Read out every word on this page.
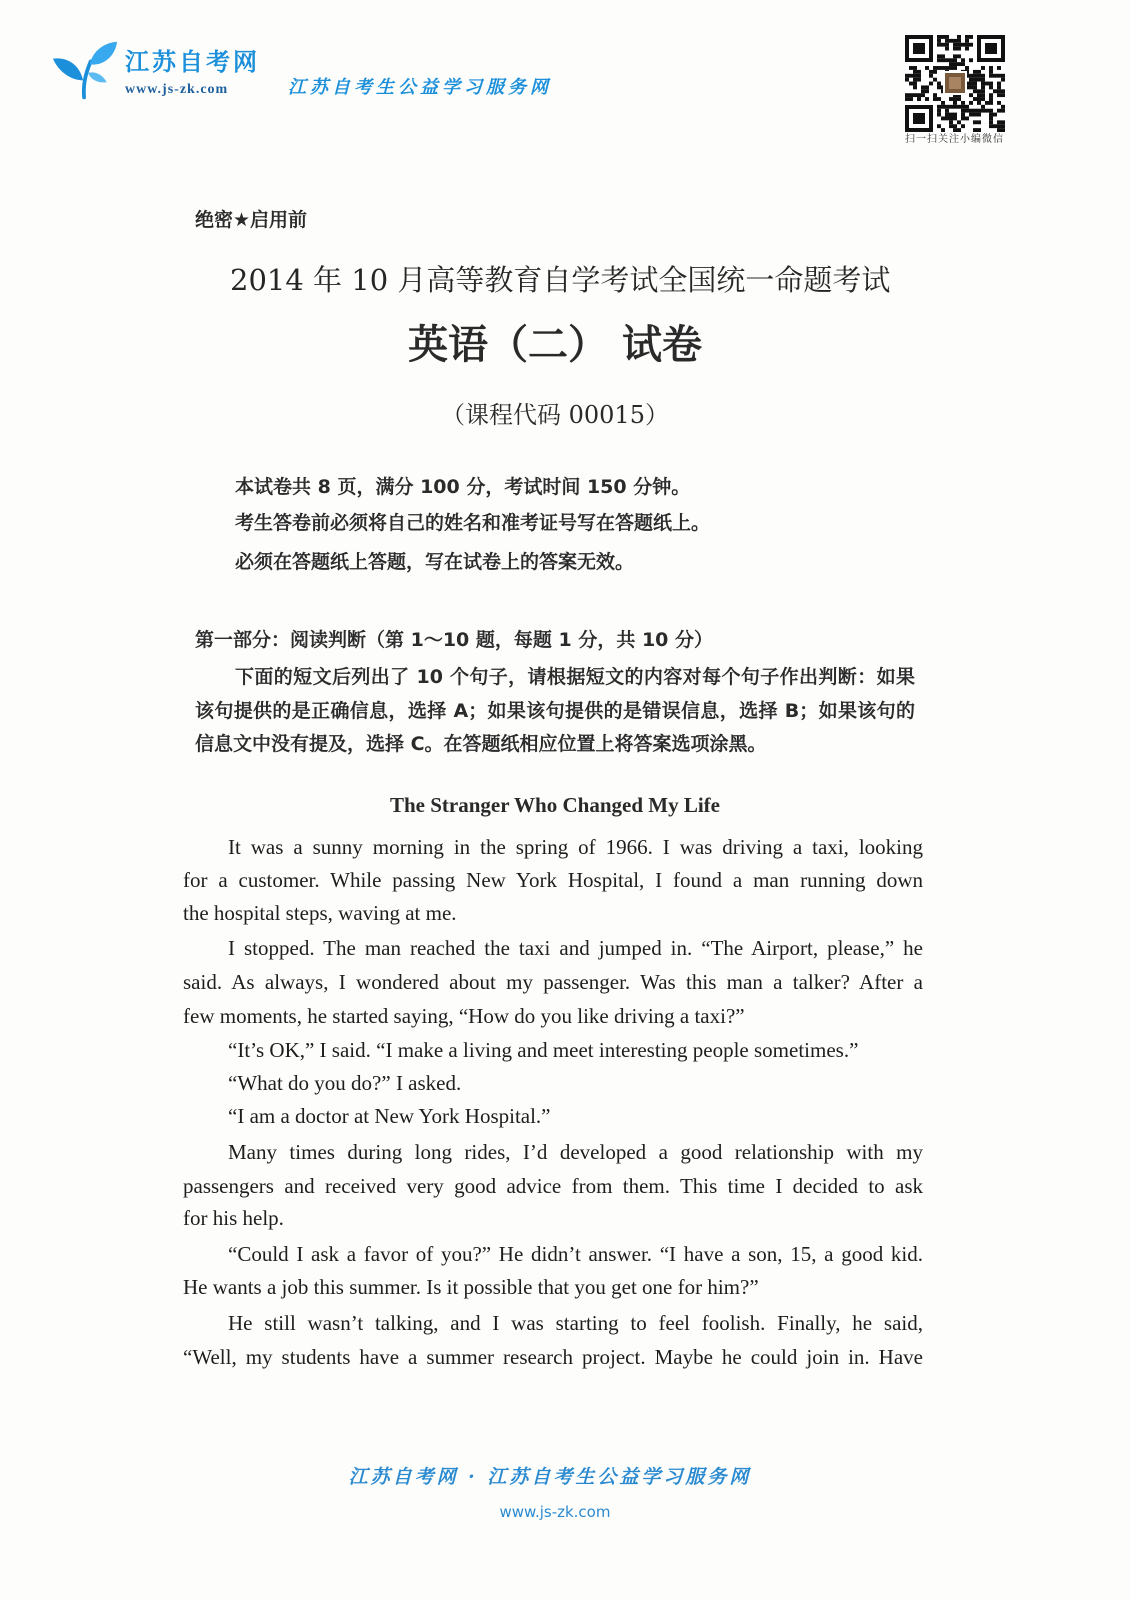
江苏自考网
www.js-zk.com	江苏自考生公益学习服务网
扫一扫关注小编微信
绝密★启用前
2014 年 10 月高等教育自学考试全国统一命题考试
英语（二） 试卷
（课程代码 00015）
本试卷共 8 页，满分 100 分，考试时间 150 分钟。
考生答卷前必须将自己的姓名和准考证号写在答题纸上。
必须在答题纸上答题，写在试卷上的答案无效。
第一部分：阅读判断（第 1～10 题，每题 1 分，共 10 分）
下面的短文后列出了 10 个句子，请根据短文的内容对每个句子作出判断：如果
该句提供的是正确信息，选择 A；如果该句提供的是错误信息，选择 B；如果该句的
信息文中没有提及，选择 C。在答题纸相应位置上将答案选项涂黑。
The Stranger Who Changed My Life
It was a sunny morning in the spring of 1966. I was driving a taxi, looking
for a customer. While passing New York Hospital, I found a man running down
the hospital steps, waving at me.
I stopped. The man reached the taxi and jumped in. “The Airport, please,” he
said. As always, I wondered about my passenger. Was this man a talker? After a
few moments, he started saying, “How do you like driving a taxi?”
“It’s OK,” I said. “I make a living and meet interesting people sometimes.”
“What do you do?” I asked.
“I am a doctor at New York Hospital.”
Many times during long rides, I’d developed a good relationship with my
passengers and received very good advice from them. This time I decided to ask
for his help.
“Could I ask a favor of you?” He didn’t answer. “I have a son, 15, a good kid.
He wants a job this summer. Is it possible that you get one for him?”
He still wasn’t talking, and I was starting to feel foolish. Finally, he said,
“Well, my students have a summer research project. Maybe he could join in. Have
江苏自考网 · 江苏自考生公益学习服务网
www.js-zk.com
